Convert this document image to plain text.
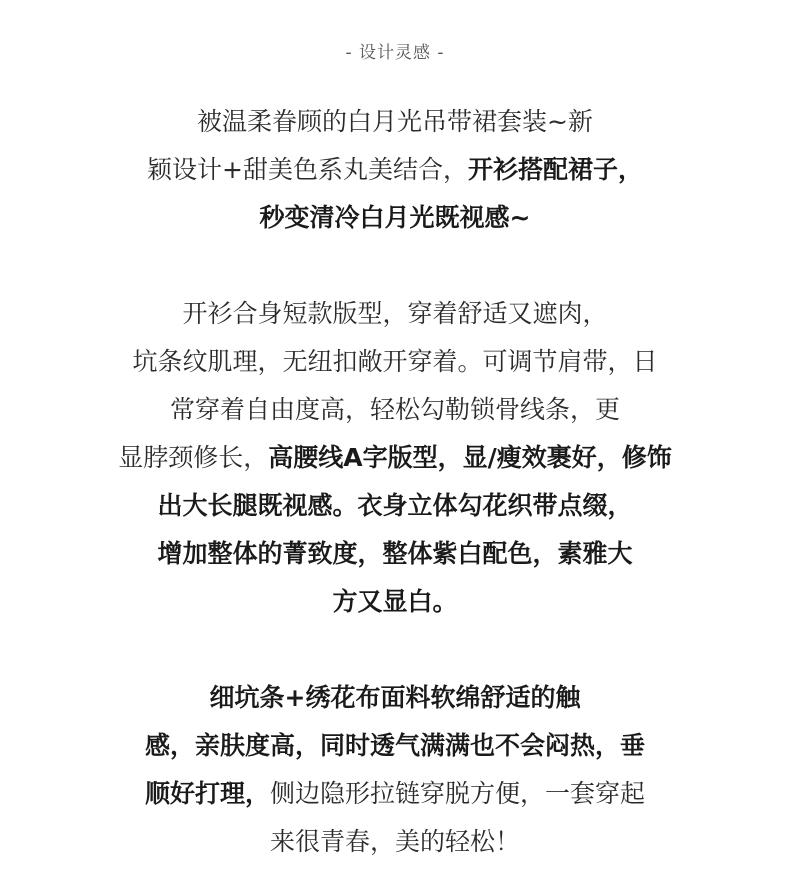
- 设计灵感 -
被温柔眷顾的白月光吊带裙套装~新
颖设计+甜美色系丸美结合，开衫搭配裙子，
秒变清冷白月光既视感~
开衫合身短款版型，穿着舒适又遮肉，
坑条纹肌理，无纽扣敞开穿着。可调节肩带，日
常穿着自由度高，轻松勾勒锁骨线条，更
显脖颈修长，高腰线A字版型，显/瘦效裹好，修饰
出大长腿既视感。衣身立体勾花织带点缀，
增加整体的菁致度，整体紫白配色，素雅大
方又显白。
细坑条+绣花布面料软绵舒适的触
感，亲肤度高，同时透气满满也不会闷热，垂
顺好打理，侧边隐形拉链穿脱方便，一套穿起
来很青春，美的轻松！
